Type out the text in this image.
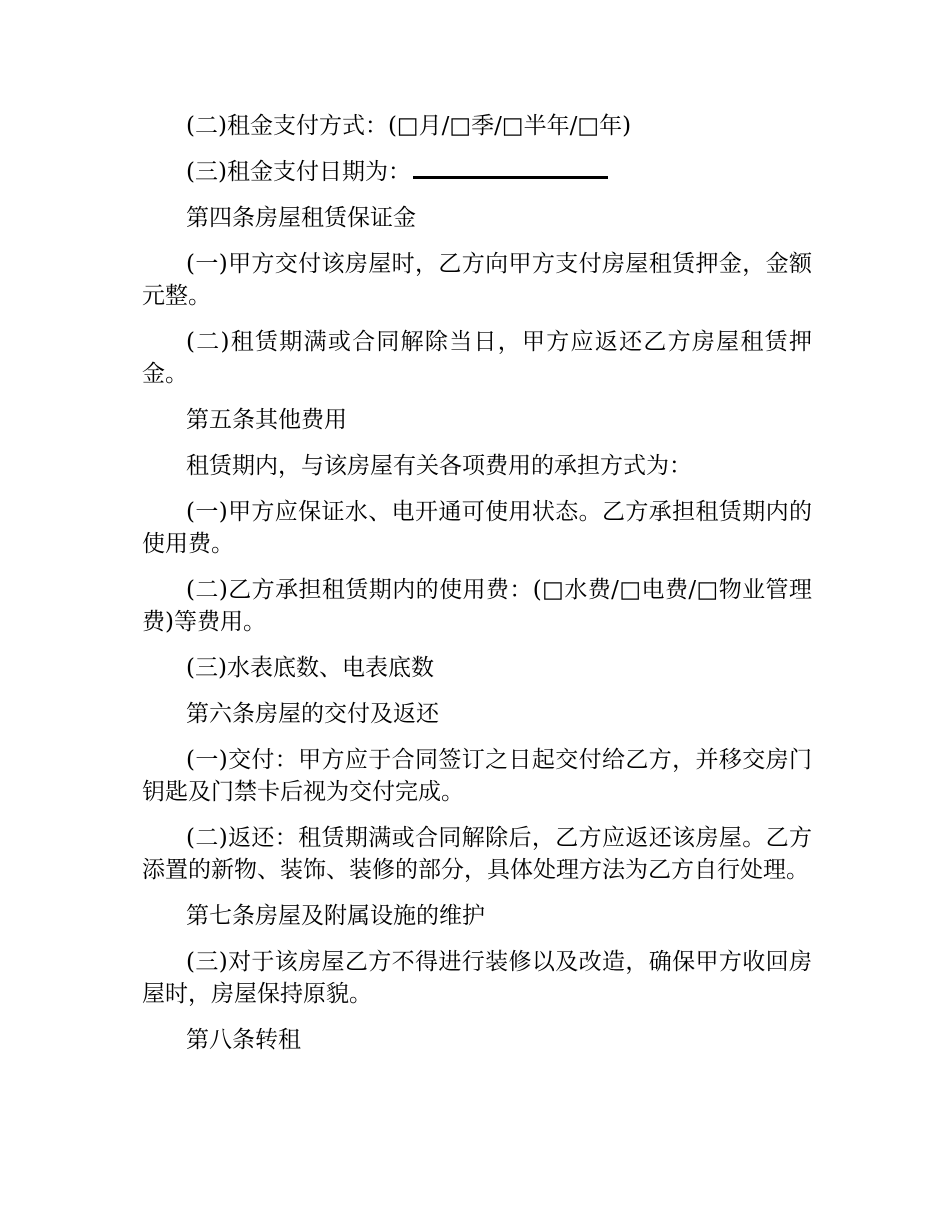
(二)租金支付方式：(□月/□季/□半年/□年)

(三)租金支付日期为：

第四条房屋租赁保证金

(一)甲方交付该房屋时，乙方向甲方支付房屋租赁押金，金额元整。

(二)租赁期满或合同解除当日，甲方应返还乙方房屋租赁押金。

第五条其他费用

租赁期内，与该房屋有关各项费用的承担方式为：

(一)甲方应保证水、电开通可使用状态。乙方承担租赁期内的使用费。

(二)乙方承担租赁期内的使用费：(□水费/□电费/□物业管理费)等费用。

(三)水表底数、电表底数

第六条房屋的交付及返还

(一)交付：甲方应于合同签订之日起交付给乙方，并移交房门钥匙及门禁卡后视为交付完成。

(二)返还：租赁期满或合同解除后，乙方应返还该房屋。乙方添置的新物、装饰、装修的部分，具体处理方法为乙方自行处理。

第七条房屋及附属设施的维护

(三)对于该房屋乙方不得进行装修以及改造，确保甲方收回房屋时，房屋保持原貌。

第八条转租
